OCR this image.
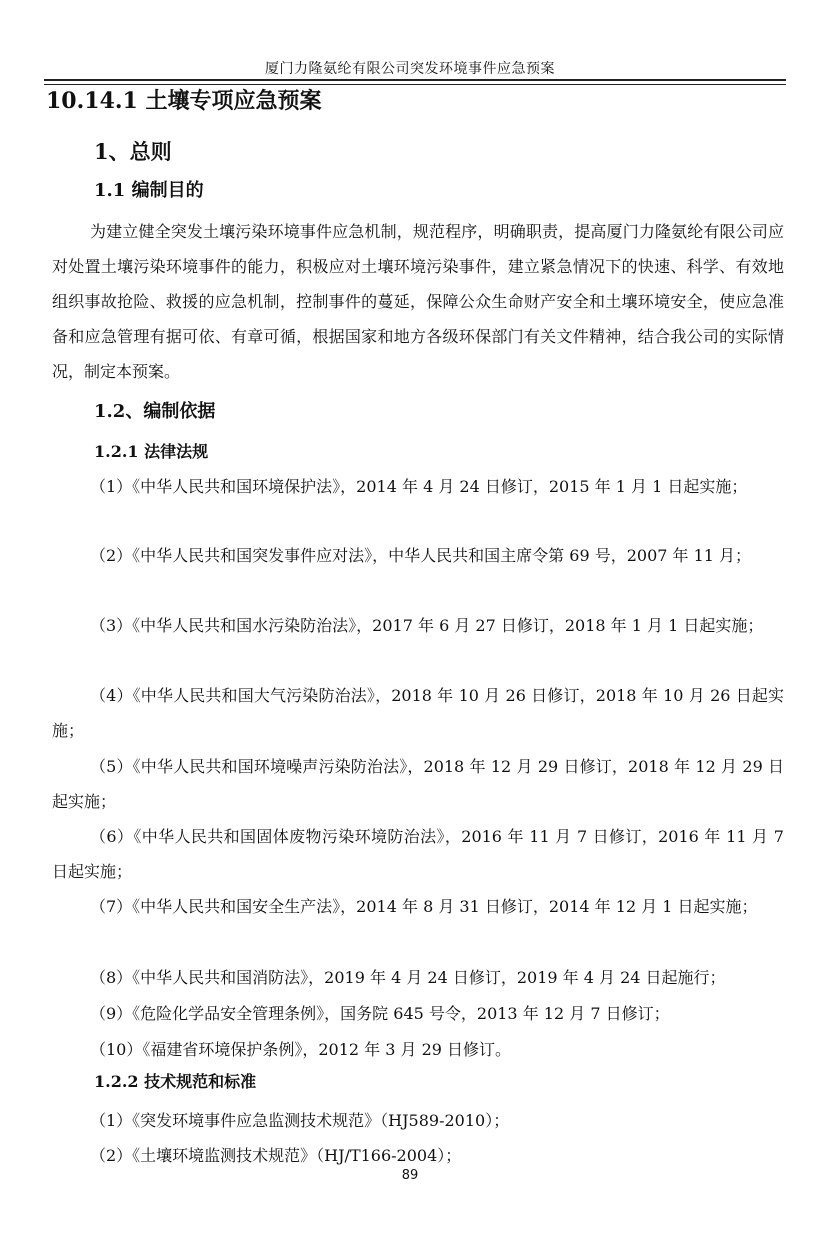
厦门力隆氨纶有限公司突发环境事件应急预案
10.14.1 土壤专项应急预案
1、总则
1.1 编制目的

为建立健全突发土壤污染环境事件应急机制，规范程序，明确职责，提高厦门力隆氨纶有限公司应对处置土壤污染环境事件的能力，积极应对土壤环境污染事件，建立紧急情况下的快速、科学、有效地组织事故抢险、救援的应急机制，控制事件的蔓延，保障公众生命财产安全和土壤环境安全，使应急准备和应急管理有据可依、有章可循，根据国家和地方各级环保部门有关文件精神，结合我公司的实际情况，制定本预案。

1.2、编制依据
1.2.1 法律法规

（1）《中华人民共和国环境保护法》，2014 年 4 月 24 日修订，2015 年 1 月 1 日起实施；

（2）《中华人民共和国突发事件应对法》，中华人民共和国主席令第 69 号，2007 年 11 月；

（3）《中华人民共和国水污染防治法》，2017 年 6 月 27 日修订，2018 年 1 月 1 日起实施；

（4）《中华人民共和国大气污染防治法》，2018 年 10 月 26 日修订，2018 年 10 月 26 日起实施；

（5）《中华人民共和国环境噪声污染防治法》，2018 年 12 月 29 日修订，2018 年 12 月 29 日起实施；

（6）《中华人民共和国固体废物污染环境防治法》，2016 年 11 月 7 日修订，2016 年 11 月 7 日起实施；

（7）《中华人民共和国安全生产法》，2014 年 8 月 31 日修订，2014 年 12 月 1 日起实施；

（8）《中华人民共和国消防法》，2019 年 4 月 24 日修订，2019 年 4 月 24 日起施行；

（9）《危险化学品安全管理条例》，国务院 645 号令，2013 年 12 月 7 日修订；

（10）《福建省环境保护条例》，2012 年 3 月 29 日修订。

1.2.2 技术规范和标准

（1）《突发环境事件应急监测技术规范》（HJ589-2010）；

（2）《土壤环境监测技术规范》（HJ/T166-2004）；

89
